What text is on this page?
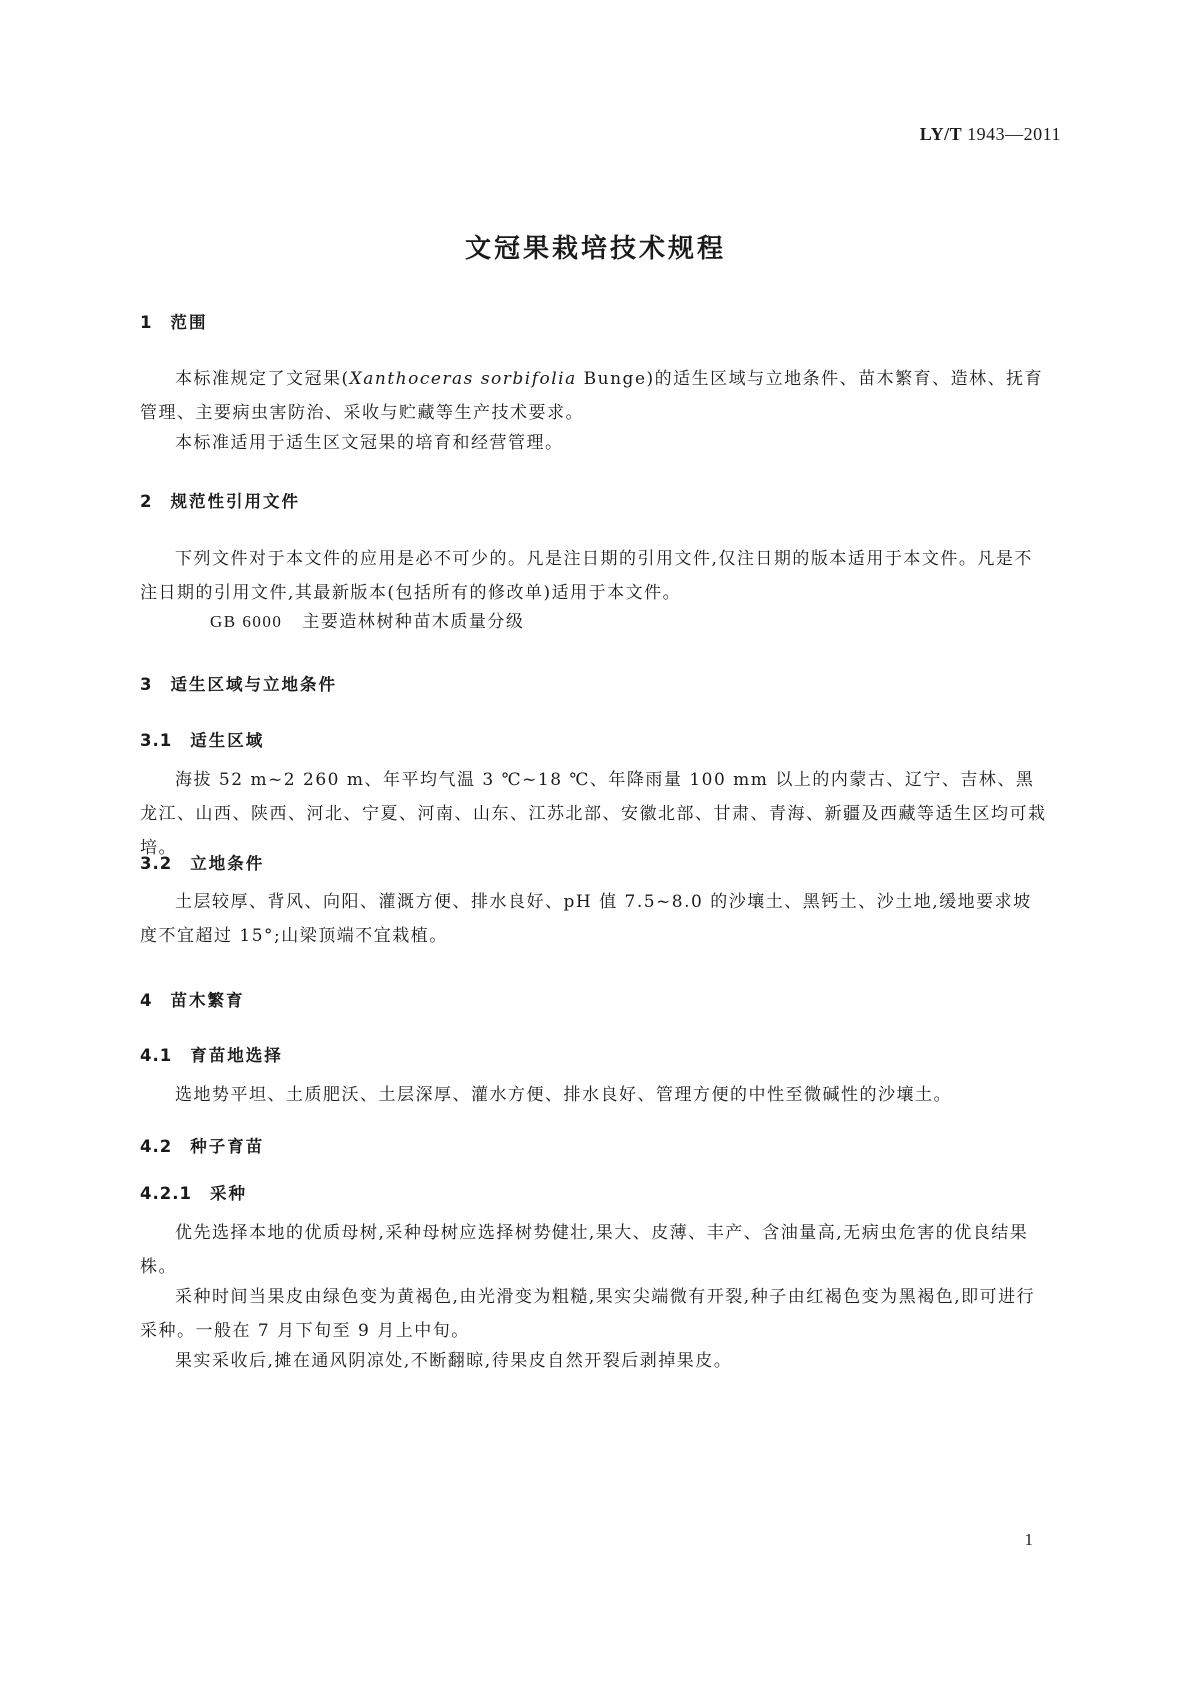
LY/T 1943—2011
文冠果栽培技术规程
1 范围

本标准规定了文冠果(Xanthoceras sorbifolia Bunge)的适生区域与立地条件、苗木繁育、造林、抚育管理、主要病虫害防治、采收与贮藏等生产技术要求。

本标准适用于适生区文冠果的培育和经营管理。

2 规范性引用文件

下列文件对于本文件的应用是必不可少的。凡是注日期的引用文件,仅注日期的版本适用于本文件。凡是不注日期的引用文件,其最新版本(包括所有的修改单)适用于本文件。

GB 6000 主要造林树种苗木质量分级

3 适生区域与立地条件
3.1 适生区域

海拔 52 m~2 260 m、年平均气温 3 ℃~18 ℃、年降雨量 100 mm 以上的内蒙古、辽宁、吉林、黑龙江、山西、陕西、河北、宁夏、河南、山东、江苏北部、安徽北部、甘肃、青海、新疆及西藏等适生区均可栽培。

3.2 立地条件

土层较厚、背风、向阳、灌溉方便、排水良好、pH 值 7.5~8.0 的沙壤土、黑钙土、沙土地,缓地要求坡度不宜超过 15°;山梁顶端不宜栽植。

4 苗木繁育
4.1 育苗地选择

选地势平坦、土质肥沃、土层深厚、灌水方便、排水良好、管理方便的中性至微碱性的沙壤土。

4.2 种子育苗
4.2.1 采种

优先选择本地的优质母树,采种母树应选择树势健壮,果大、皮薄、丰产、含油量高,无病虫危害的优良结果株。

采种时间当果皮由绿色变为黄褐色,由光滑变为粗糙,果实尖端微有开裂,种子由红褐色变为黑褐色,即可进行采种。一般在 7 月下旬至 9 月上中旬。

果实采收后,摊在通风阴凉处,不断翻晾,待果皮自然开裂后剥掉果皮。

1
